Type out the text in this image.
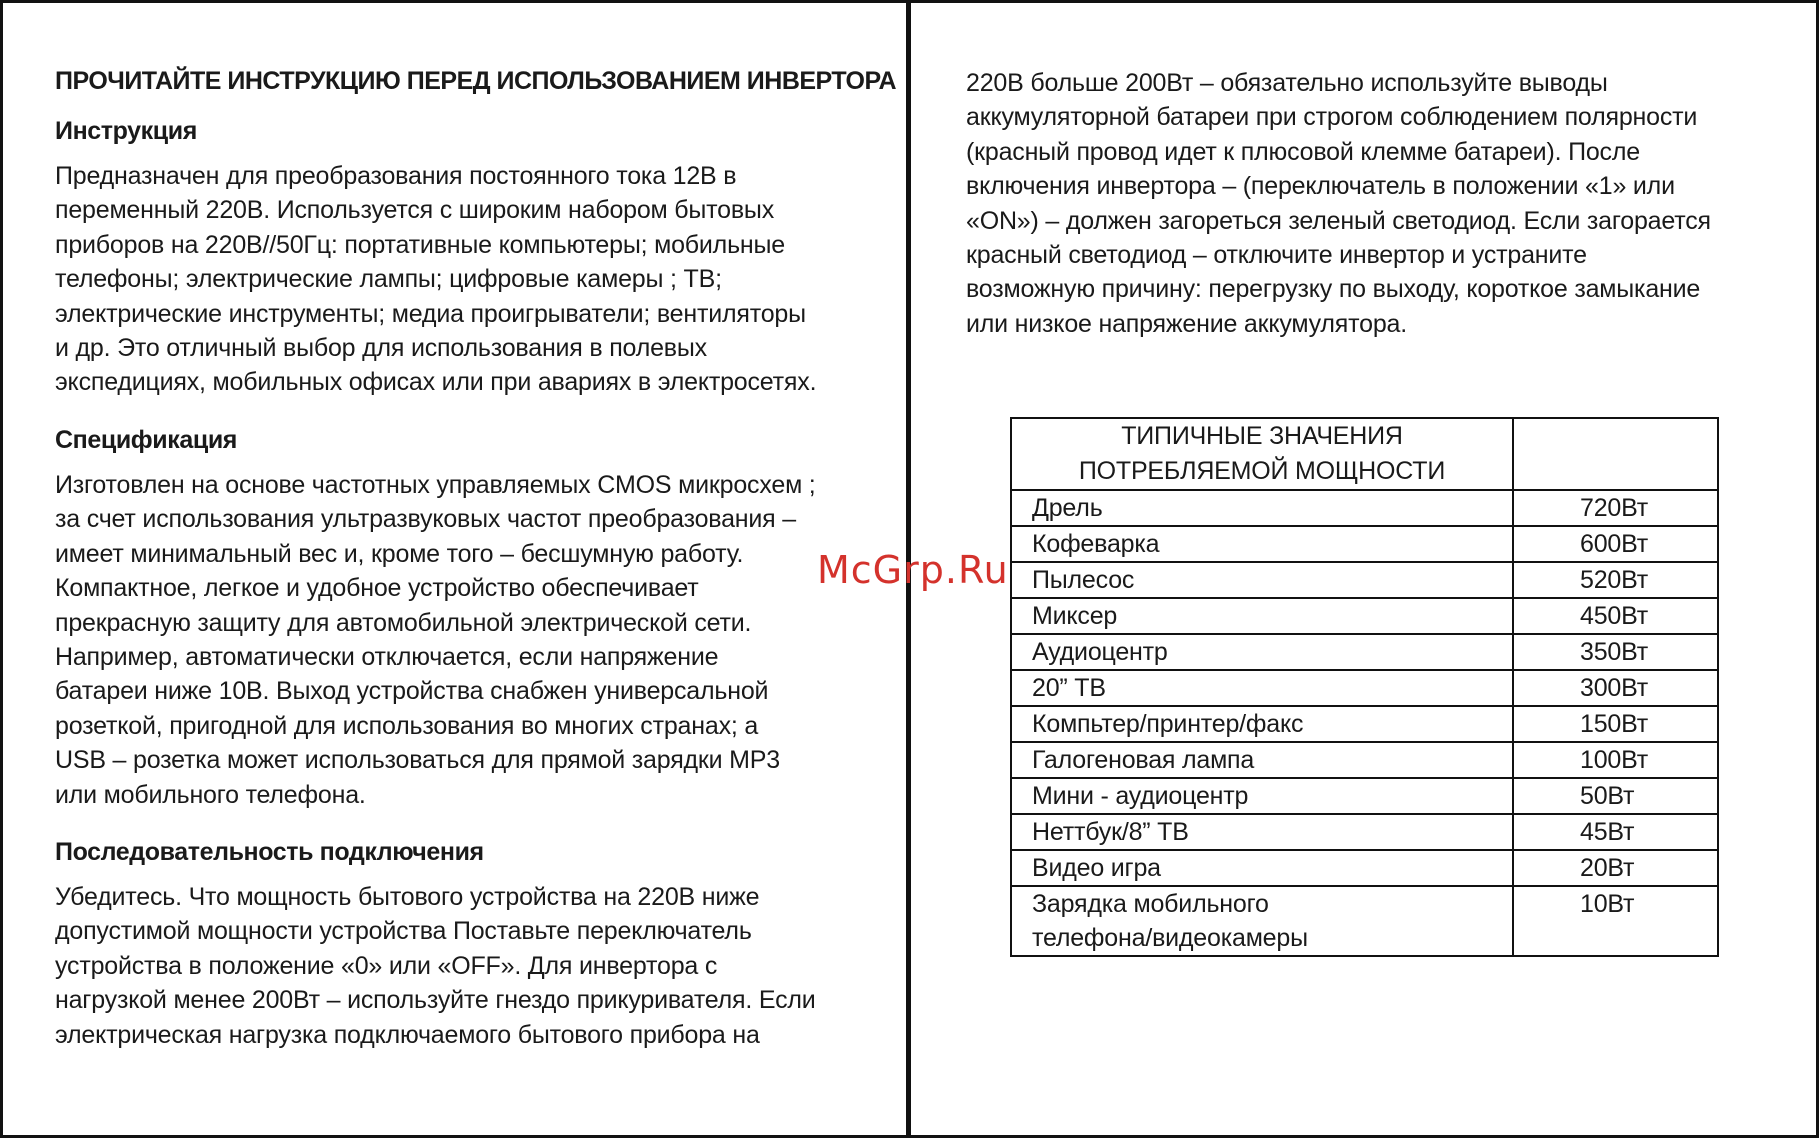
ПРОЧИТАЙТЕ ИНСТРУКЦИЮ ПЕРЕД ИСПОЛЬЗОВАНИЕМ ИНВЕРТОРА
Инструкция
Предназначен для преобразования постоянного тока 12В в
переменный 220В. Используется с широким набором бытовых
приборов на 220В//50Гц: портативные компьютеры; мобильные
телефоны; электрические лампы; цифровые камеры ; ТВ;
электрические инструменты; медиа проигрыватели; вентиляторы
и др. Это отличный выбор для использования в полевых
экспедициях, мобильных офисах или при авариях в электросетях.
Спецификация
Изготовлен на основе частотных управляемых CMOS микросхем ;
за счет использования ультразвуковых частот преобразования –
имеет минимальный вес и, кроме того – бесшумную работу.
Компактное, легкое и удобное устройство обеспечивает
прекрасную защиту для автомобильной электрической сети.
Например, автоматически отключается, если напряжение
батареи ниже 10В. Выход устройства снабжен универсальной
розеткой, пригодной для использования во многих странах; а
USB – розетка может использоваться для прямой зарядки MP3
или мобильного телефона.
Последовательность подключения
Убедитесь. Что мощность бытового устройства на 220В ниже
допустимой мощности устройства Поставьте переключатель
устройства в положение «0» или «OFF». Для инвертора с
нагрузкой менее 200Вт – используйте гнездо прикуривателя. Если
электрическая нагрузка подключаемого бытового прибора на
220В больше 200Вт – обязательно используйте выводы
аккумуляторной батареи при строгом соблюдением полярности
(красный провод идет к плюсовой клемме батареи). После
включения инвертора – (переключатель в положении «1» или
«ON») – должен загореться зеленый светодиод. Если загорается
красный светодиод – отключите инвертор и устраните
возможную причину: перегрузку по выходу, короткое замыкание
или низкое напряжение аккумулятора.
ТИПИЧНЫЕ ЗНАЧЕНИЯ
ПОТРЕБЛЯЕМОЙ МОЩНОСТИ	

Дрель	720Вт

Кофеварка	600Вт

Пылесос	520Вт

Миксер	450Вт

Аудиоцентр	350Вт

20” ТВ	300Вт

Компьтер/принтер/факс	150Вт

Галогеновая лампа	100Вт

Мини - аудиоцентр	50Вт

Неттбук/8” ТВ	45Вт

Видео игра	20Вт

Зарядка мобильного
телефона/видеокамеры	10Вт
McGrp.Ru
